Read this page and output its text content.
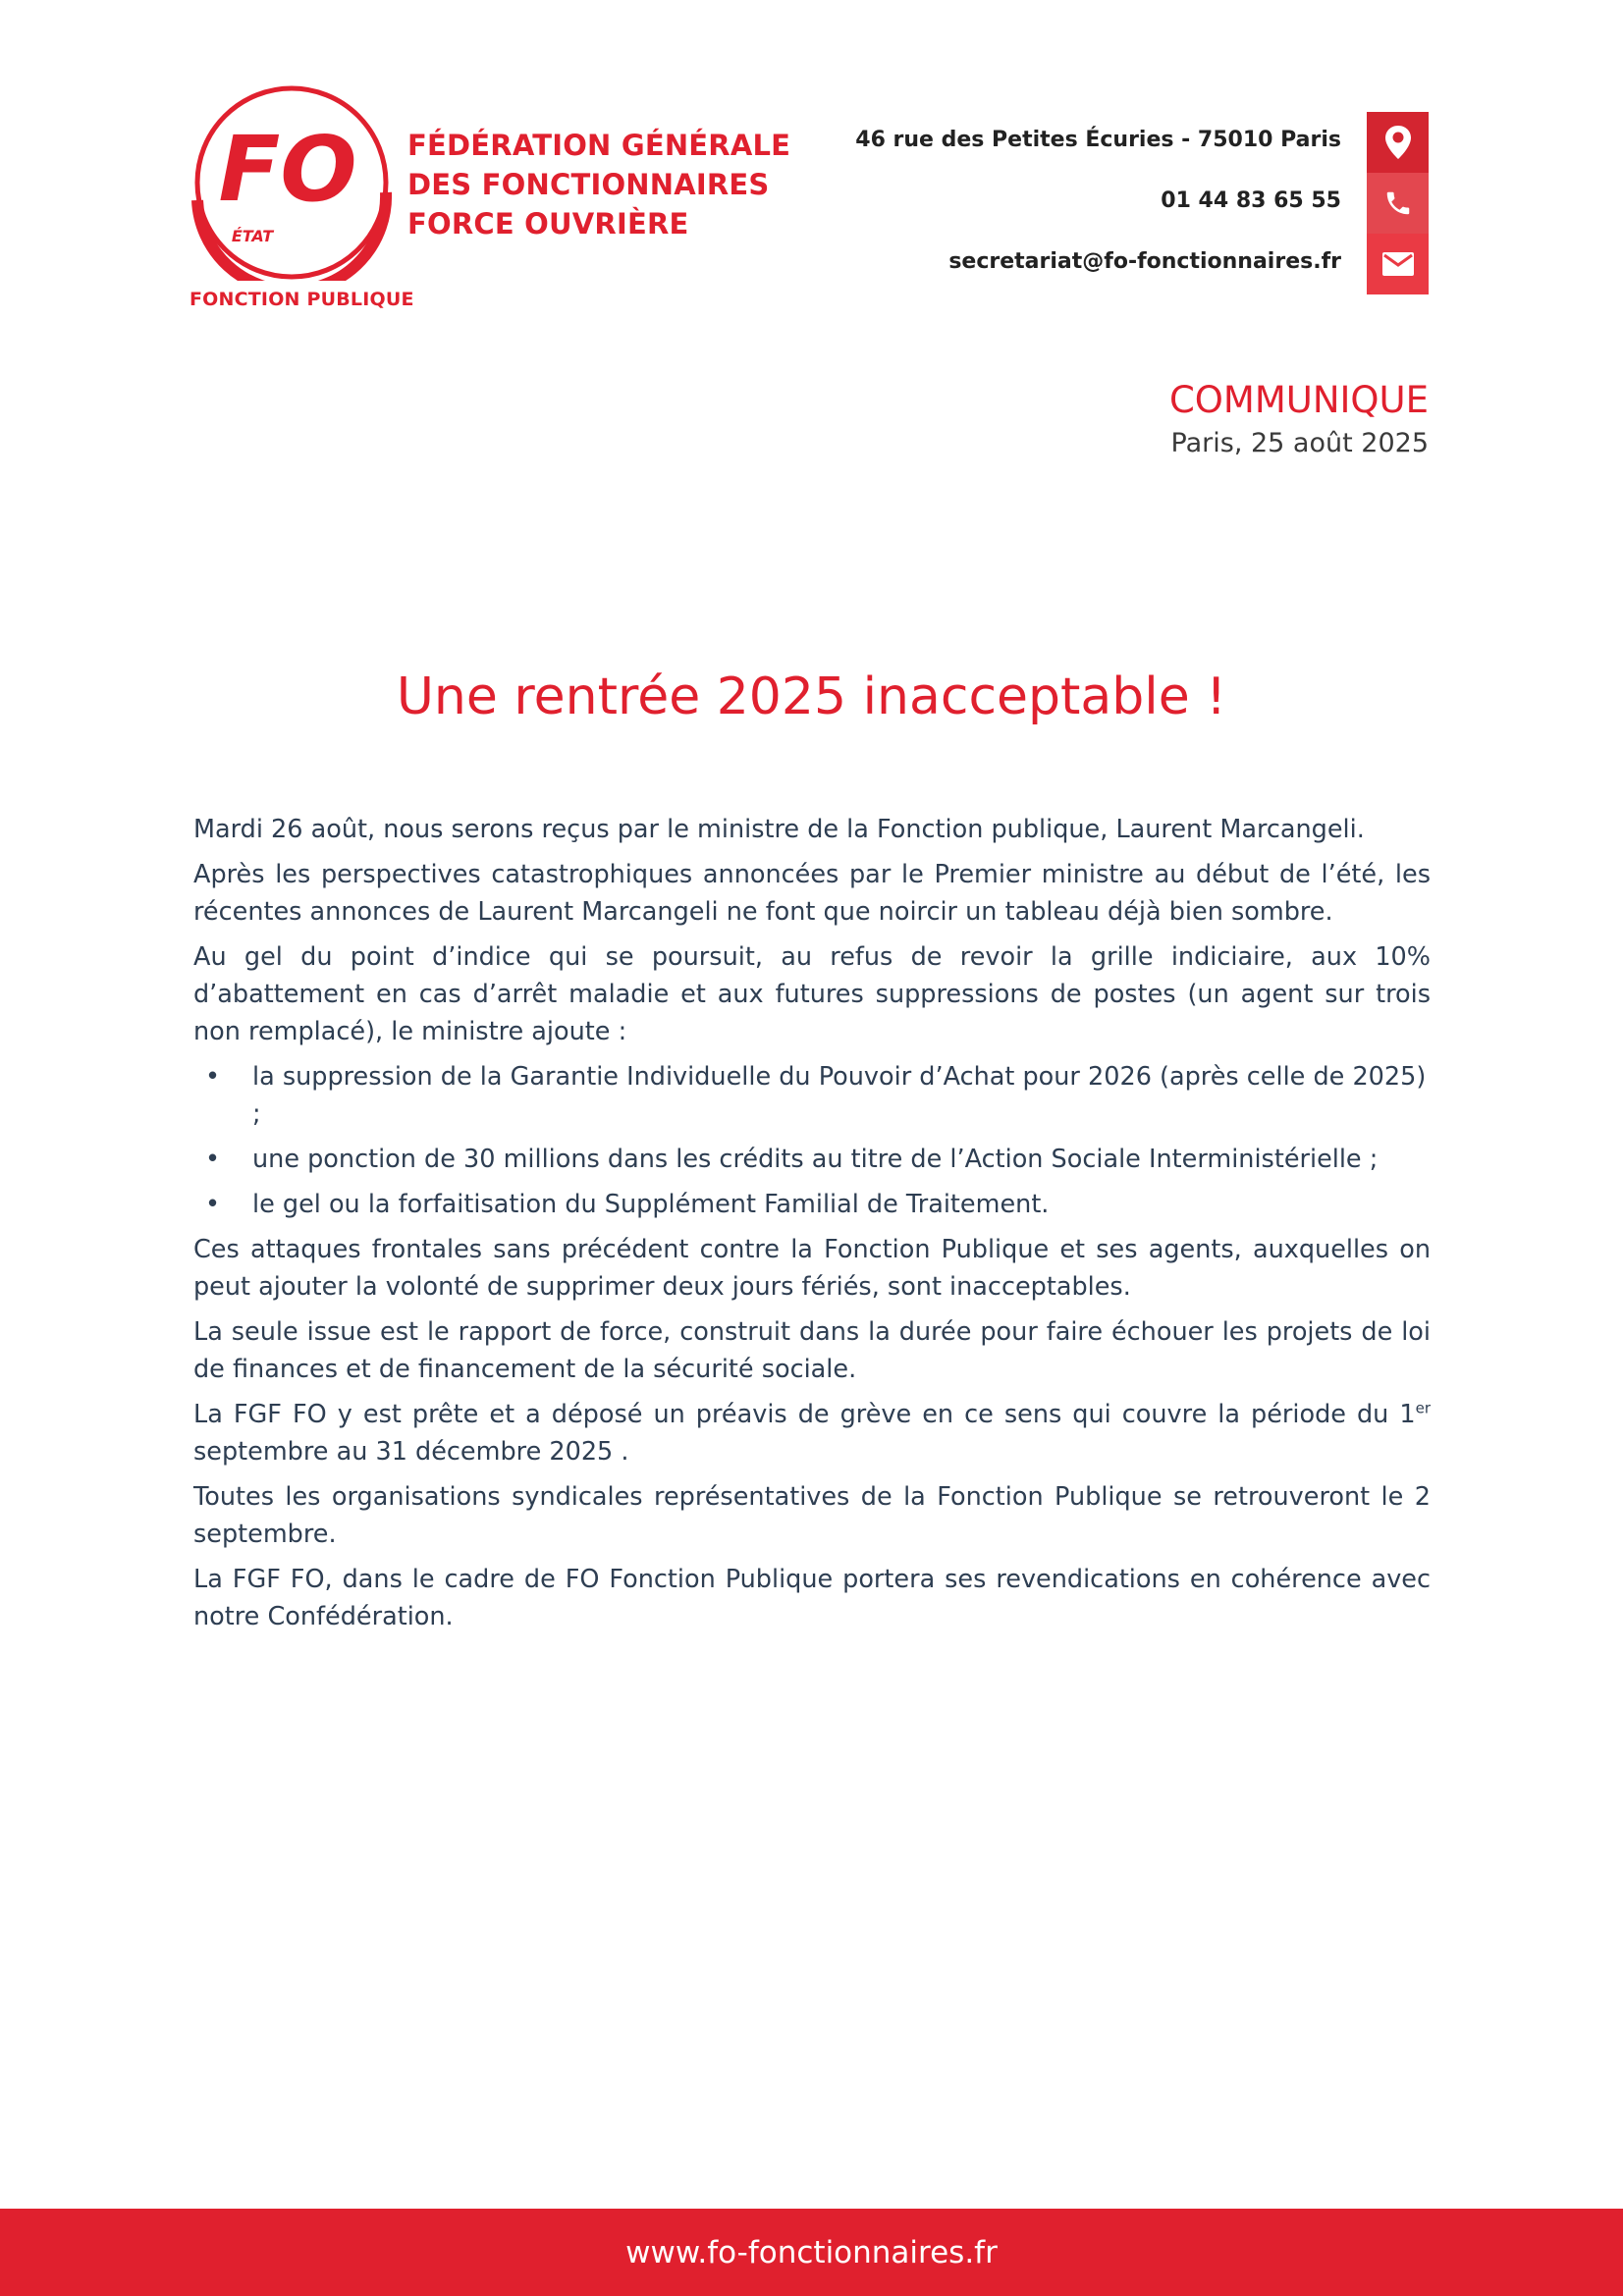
FO
ÉTAT
FONCTION PUBLIQUE
FÉDÉRATION GÉNÉRALE
DES FONCTIONNAIRES
FORCE OUVRIÈRE
46 rue des Petites Écuries - 75010 Paris
01 44 83 65 55
secretariat@fo-fonctionnaires.fr
COMMUNIQUE
Paris, 25 août 2025
Une rentrée 2025 inacceptable !

Mardi 26 août, nous serons reçus par le ministre de la Fonction publique, Laurent Marcangeli.

Après les perspectives catastrophiques annoncées par le Premier ministre au début de l’été, les récentes annonces de Laurent Marcangeli ne font que noircir un tableau déjà bien sombre.

Au gel du point d’indice qui se poursuit, au refus de revoir la grille indiciaire, aux 10% d’abattement en cas d’arrêt maladie et aux futures suppressions de postes (un agent sur trois non remplacé), le ministre ajoute :

• la suppression de la Garantie Individuelle du Pouvoir d’Achat pour 2026 (après celle de 2025) ;
• une ponction de 30 millions dans les crédits au titre de l’Action Sociale Interministérielle ;
• le gel ou la forfaitisation du Supplément Familial de Traitement.

Ces attaques frontales sans précédent contre la Fonction Publique et ses agents, auxquelles on peut ajouter la volonté de supprimer deux jours fériés, sont inacceptables.

La seule issue est le rapport de force, construit dans la durée pour faire échouer les projets de loi de finances et de financement de la sécurité sociale.

La FGF FO y est prête et a déposé un préavis de grève en ce sens qui couvre la période du 1er septembre au 31 décembre 2025 .

Toutes les organisations syndicales représentatives de la Fonction Publique se retrouveront le 2 septembre.

La FGF FO, dans le cadre de FO Fonction Publique portera ses revendications en cohérence avec notre Confédération.

www.fo-fonctionnaires.fr
